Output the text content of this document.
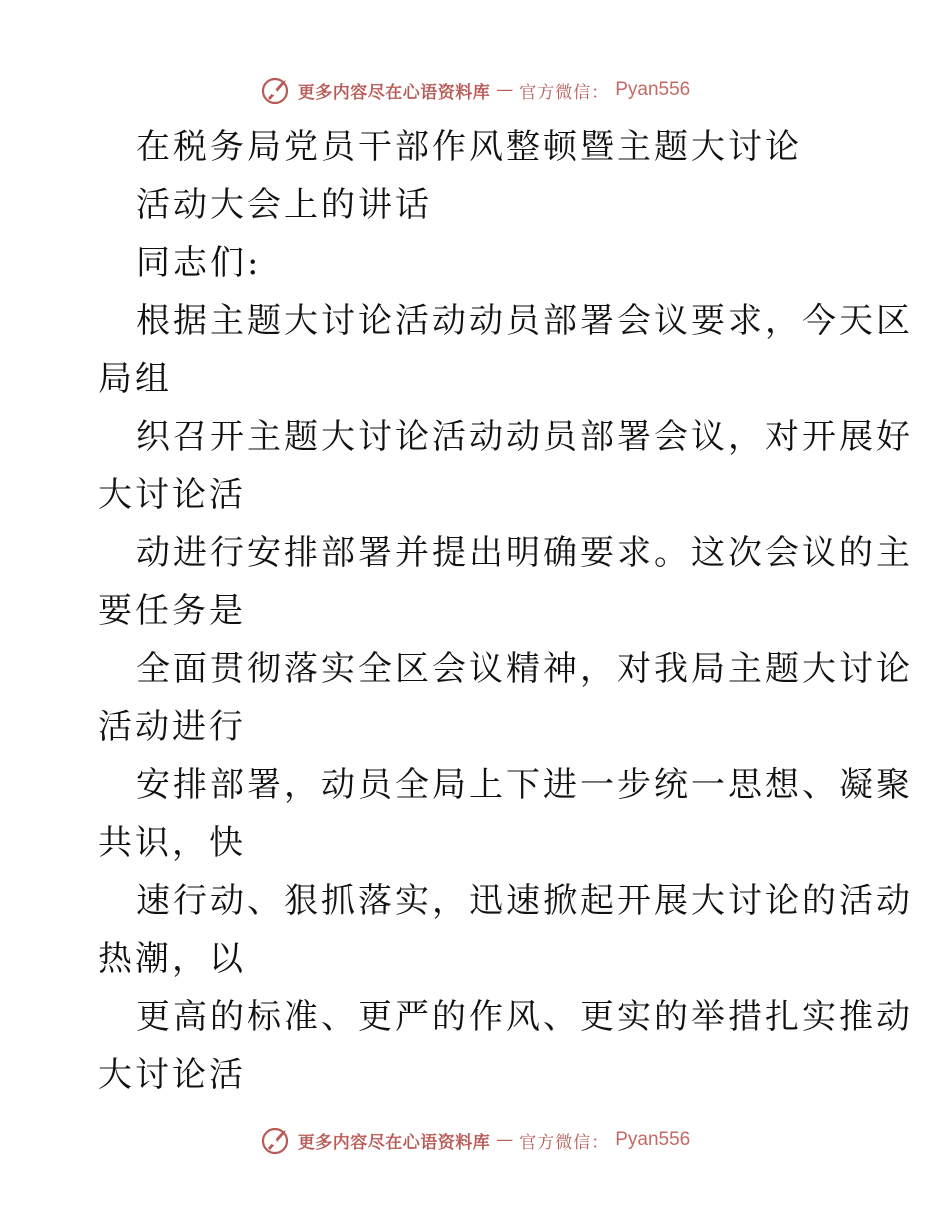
更多内容尽在心语资料库 — 官方微信： Pyan556
在税务局党员干部作风整顿暨主题大讨论
活动大会上的讲话
同志们:
根据主题大讨论活动动员部署会议要求，今天区
局组
织召开主题大讨论活动动员部署会议，对开展好
大讨论活
动进行安排部署并提出明确要求。这次会议的主
要任务是
全面贯彻落实全区会议精神，对我局主题大讨论
活动进行
安排部署，动员全局上下进一步统一思想、凝聚
共识，快
速行动、狠抓落实，迅速掀起开展大讨论的活动
热潮，以
更高的标准、更严的作风、更实的举措扎实推动
大讨论活
更多内容尽在心语资料库 — 官方微信： Pyan556
